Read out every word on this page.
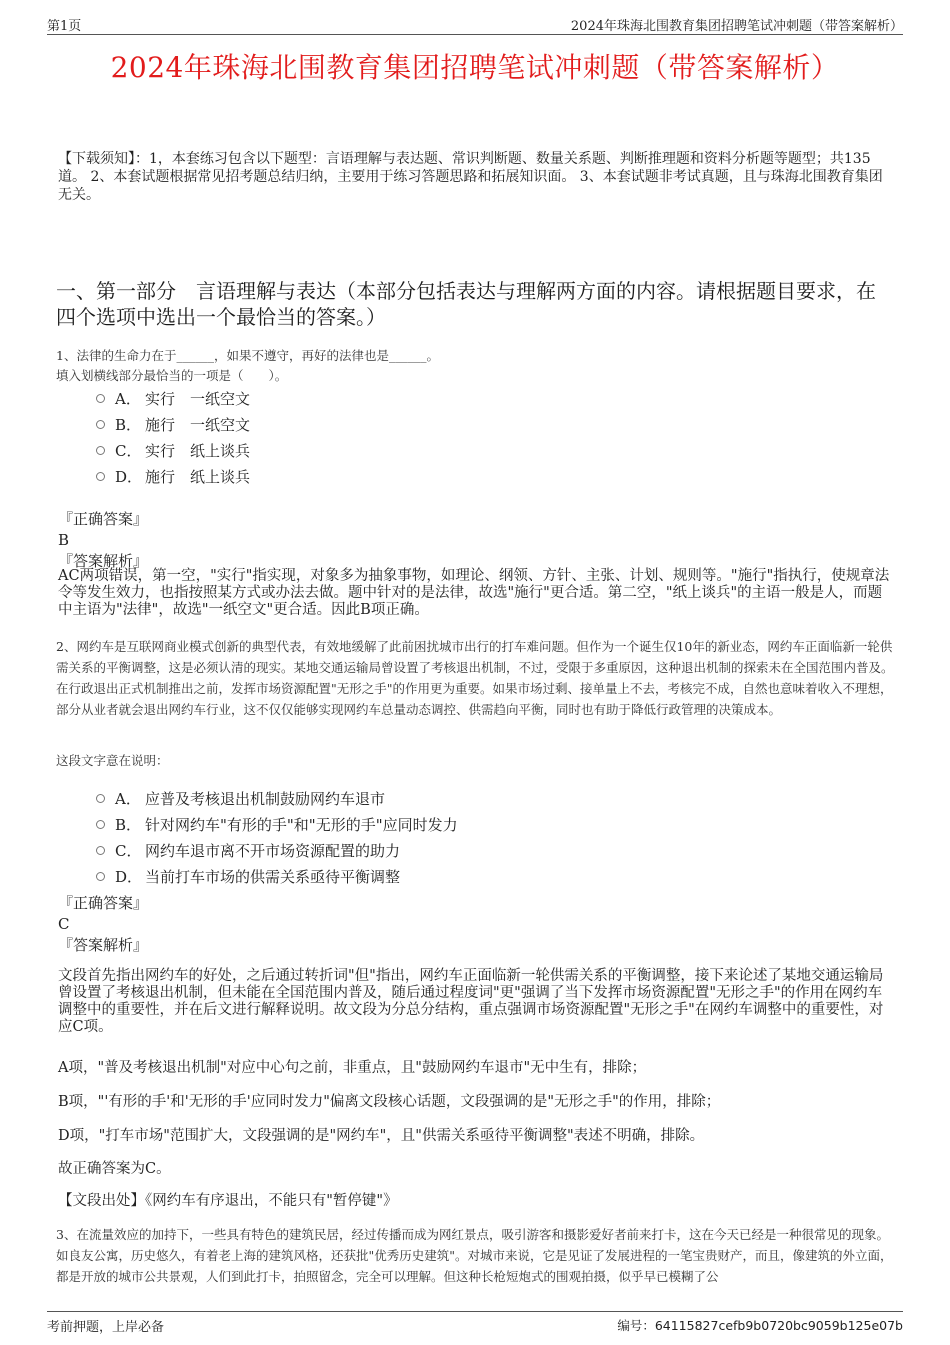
第1页	2024年珠海北围教育集团招聘笔试冲刺题（带答案解析）
2024年珠海北围教育集团招聘笔试冲刺题（带答案解析）
【下载须知】：1，本套练习包含以下题型：言语理解与表达题、常识判断题、数量关系题、判断推理题和资料分析题等题型；共135道。 2、本套试题根据常见招考题总结归纳，主要用于练习答题思路和拓展知识面。 3、本套试题非考试真题，且与珠海北围教育集团无关。
一、第一部分　言语理解与表达（本部分包括表达与理解两方面的内容。请根据题目要求，在四个选项中选出一个最恰当的答案。）
1、法律的生命力在于______，如果不遵守，再好的法律也是______。
填入划横线部分最恰当的一项是（　　）。
A． 实行　一纸空文
B． 施行　一纸空文
C． 实行　纸上谈兵
D． 施行　纸上谈兵
『正确答案』
B
『答案解析』
AC两项错误，第一空，"实行"指实现，对象多为抽象事物，如理论、纲领、方针、主张、计划、规则等。"施行"指执行，使规章法令等发生效力，也指按照某方式或办法去做。题中针对的是法律，故选"施行"更合适。第二空，"纸上谈兵"的主语一般是人，而题中主语为"法律"，故选"一纸空文"更合适。因此B项正确。
2、网约车是互联网商业模式创新的典型代表，有效地缓解了此前困扰城市出行的打车难问题。但作为一个诞生仅10年的新业态，网约车正面临新一轮供需关系的平衡调整，这是必须认清的现实。某地交通运输局曾设置了考核退出机制，不过，受限于多重原因，这种退出机制的探索未在全国范围内普及。在行政退出正式机制推出之前，发挥市场资源配置"无形之手"的作用更为重要。如果市场过剩、接单量上不去，考核完不成，自然也意味着收入不理想，部分从业者就会退出网约车行业，这不仅仅能够实现网约车总量动态调控、供需趋向平衡，同时也有助于降低行政管理的决策成本。
这段文字意在说明：
A． 应普及考核退出机制鼓励网约车退市
B． 针对网约车"有形的手"和"无形的手"应同时发力
C． 网约车退市离不开市场资源配置的助力
D． 当前打车市场的供需关系亟待平衡调整
『正确答案』
C
『答案解析』
文段首先指出网约车的好处，之后通过转折词"但"指出，网约车正面临新一轮供需关系的平衡调整，接下来论述了某地交通运输局曾设置了考核退出机制，但未能在全国范围内普及，随后通过程度词"更"强调了当下发挥市场资源配置"无形之手"的作用在网约车调整中的重要性，并在后文进行解释说明。故文段为分总分结构，重点强调市场资源配置"无形之手"在网约车调整中的重要性，对应C项。
A项，"普及考核退出机制"对应中心句之前，非重点，且"鼓励网约车退市"无中生有，排除；
B项，"'有形的手'和'无形的手'应同时发力"偏离文段核心话题，文段强调的是"无形之手"的作用，排除；
D项，"打车市场"范围扩大，文段强调的是"网约车"，且"供需关系亟待平衡调整"表述不明确，排除。
故正确答案为C。
【文段出处】《网约车有序退出，不能只有"暂停键"》
3、在流量效应的加持下，一些具有特色的建筑民居，经过传播而成为网红景点，吸引游客和摄影爱好者前来打卡，这在今天已经是一种很常见的现象。如良友公寓，历史悠久，有着老上海的建筑风格，还获批"优秀历史建筑"。对城市来说，它是见证了发展进程的一笔宝贵财产，而且，像建筑的外立面，都是开放的城市公共景观，人们到此打卡，拍照留念，完全可以理解。但这种长枪短炮式的围观拍摄，似乎早已模糊了公
考前押题，上岸必备	编号：64115827cefb9b0720bc9059b125e07b
